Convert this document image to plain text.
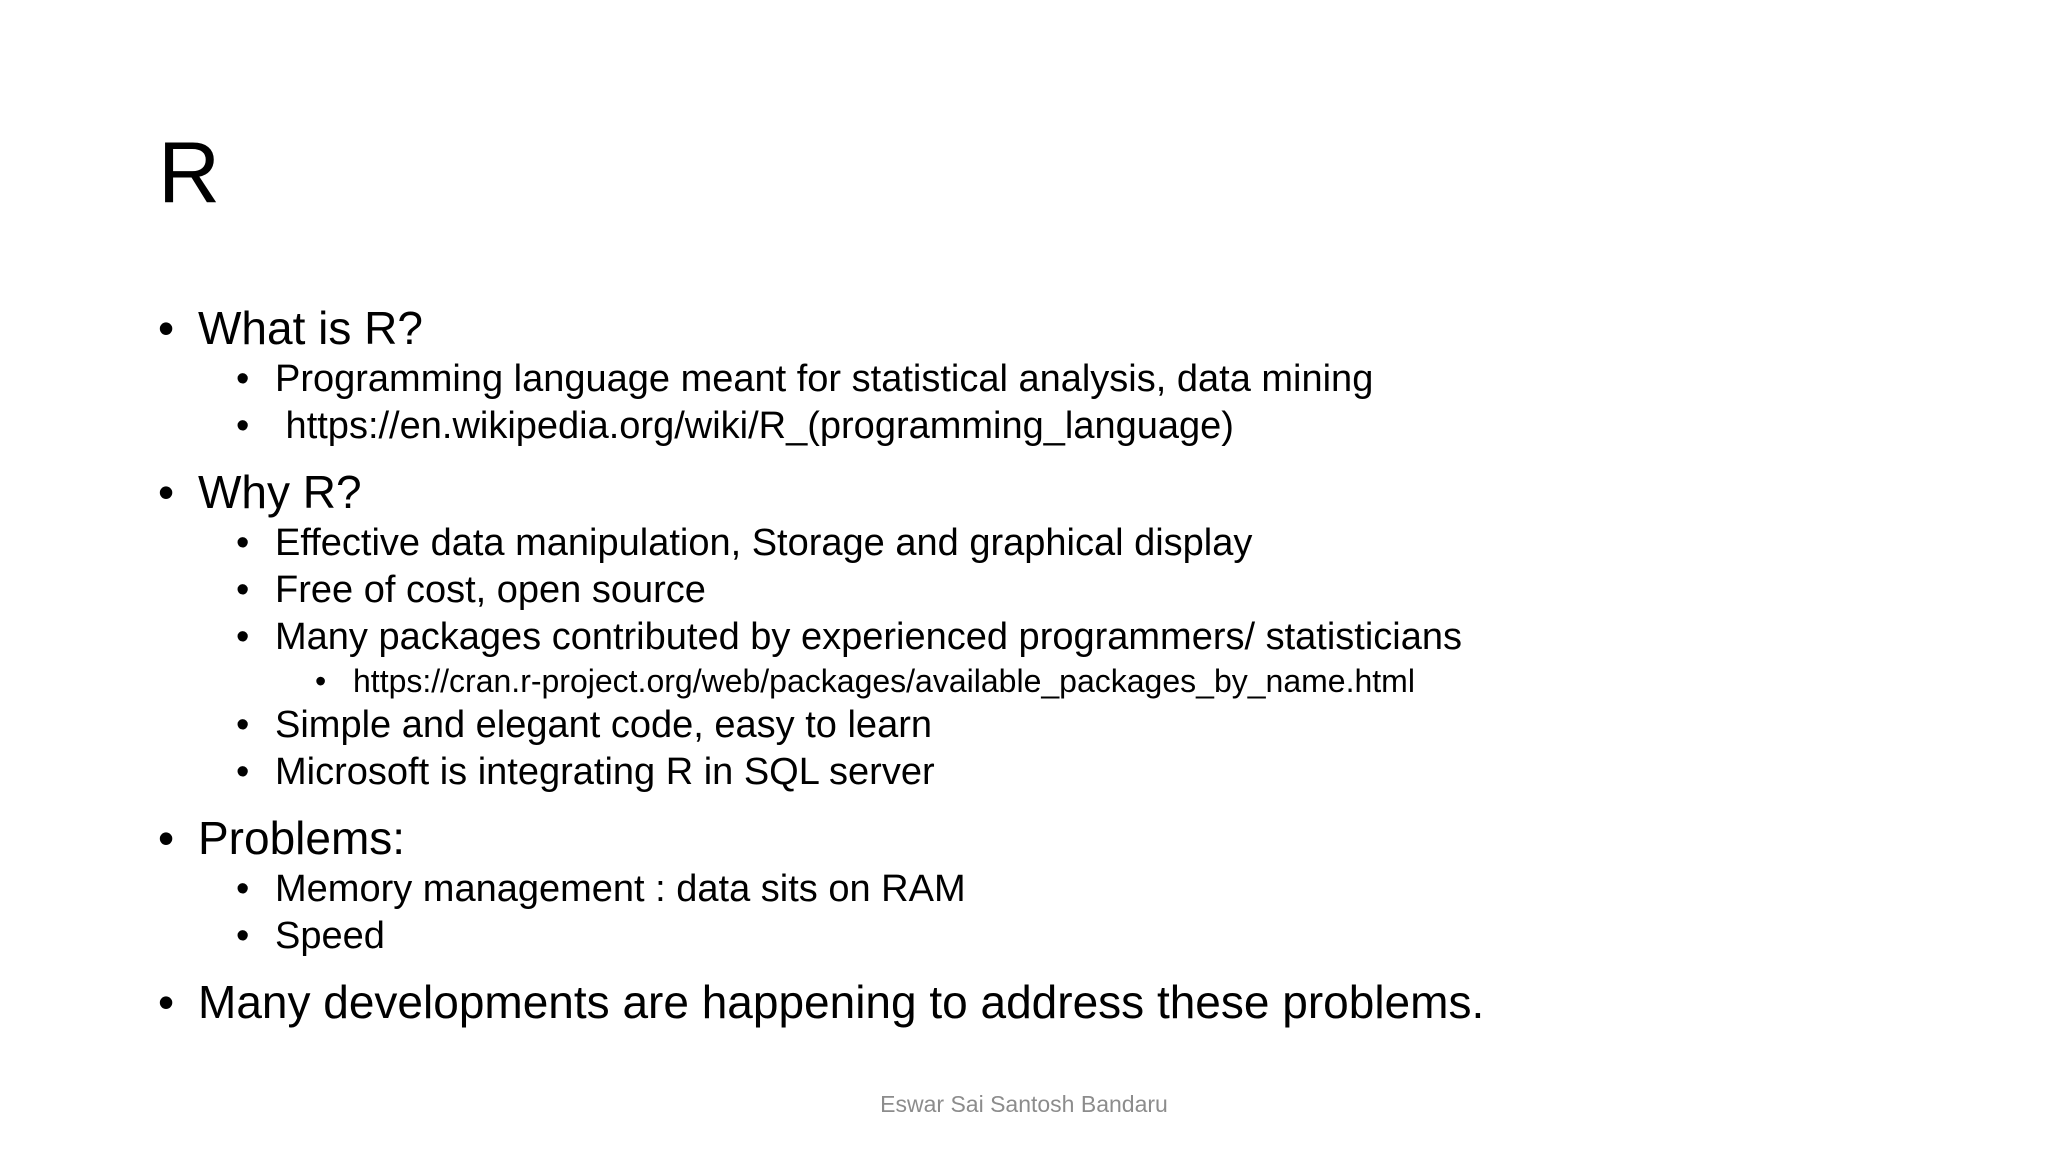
R
• What is R?
• Programming language meant for statistical analysis, data mining
• https://en.wikipedia.org/wiki/R_(programming_language)
• Why R?
• Effective data manipulation, Storage and graphical display
• Free of cost, open source
• Many packages contributed by experienced programmers/ statisticians
• https://cran.r-project.org/web/packages/available_packages_by_name.html
• Simple and elegant code, easy to learn
• Microsoft is integrating R in SQL server
• Problems:
• Memory management : data sits on RAM
• Speed
• Many developments are happening to address these problems.
Eswar Sai Santosh Bandaru
